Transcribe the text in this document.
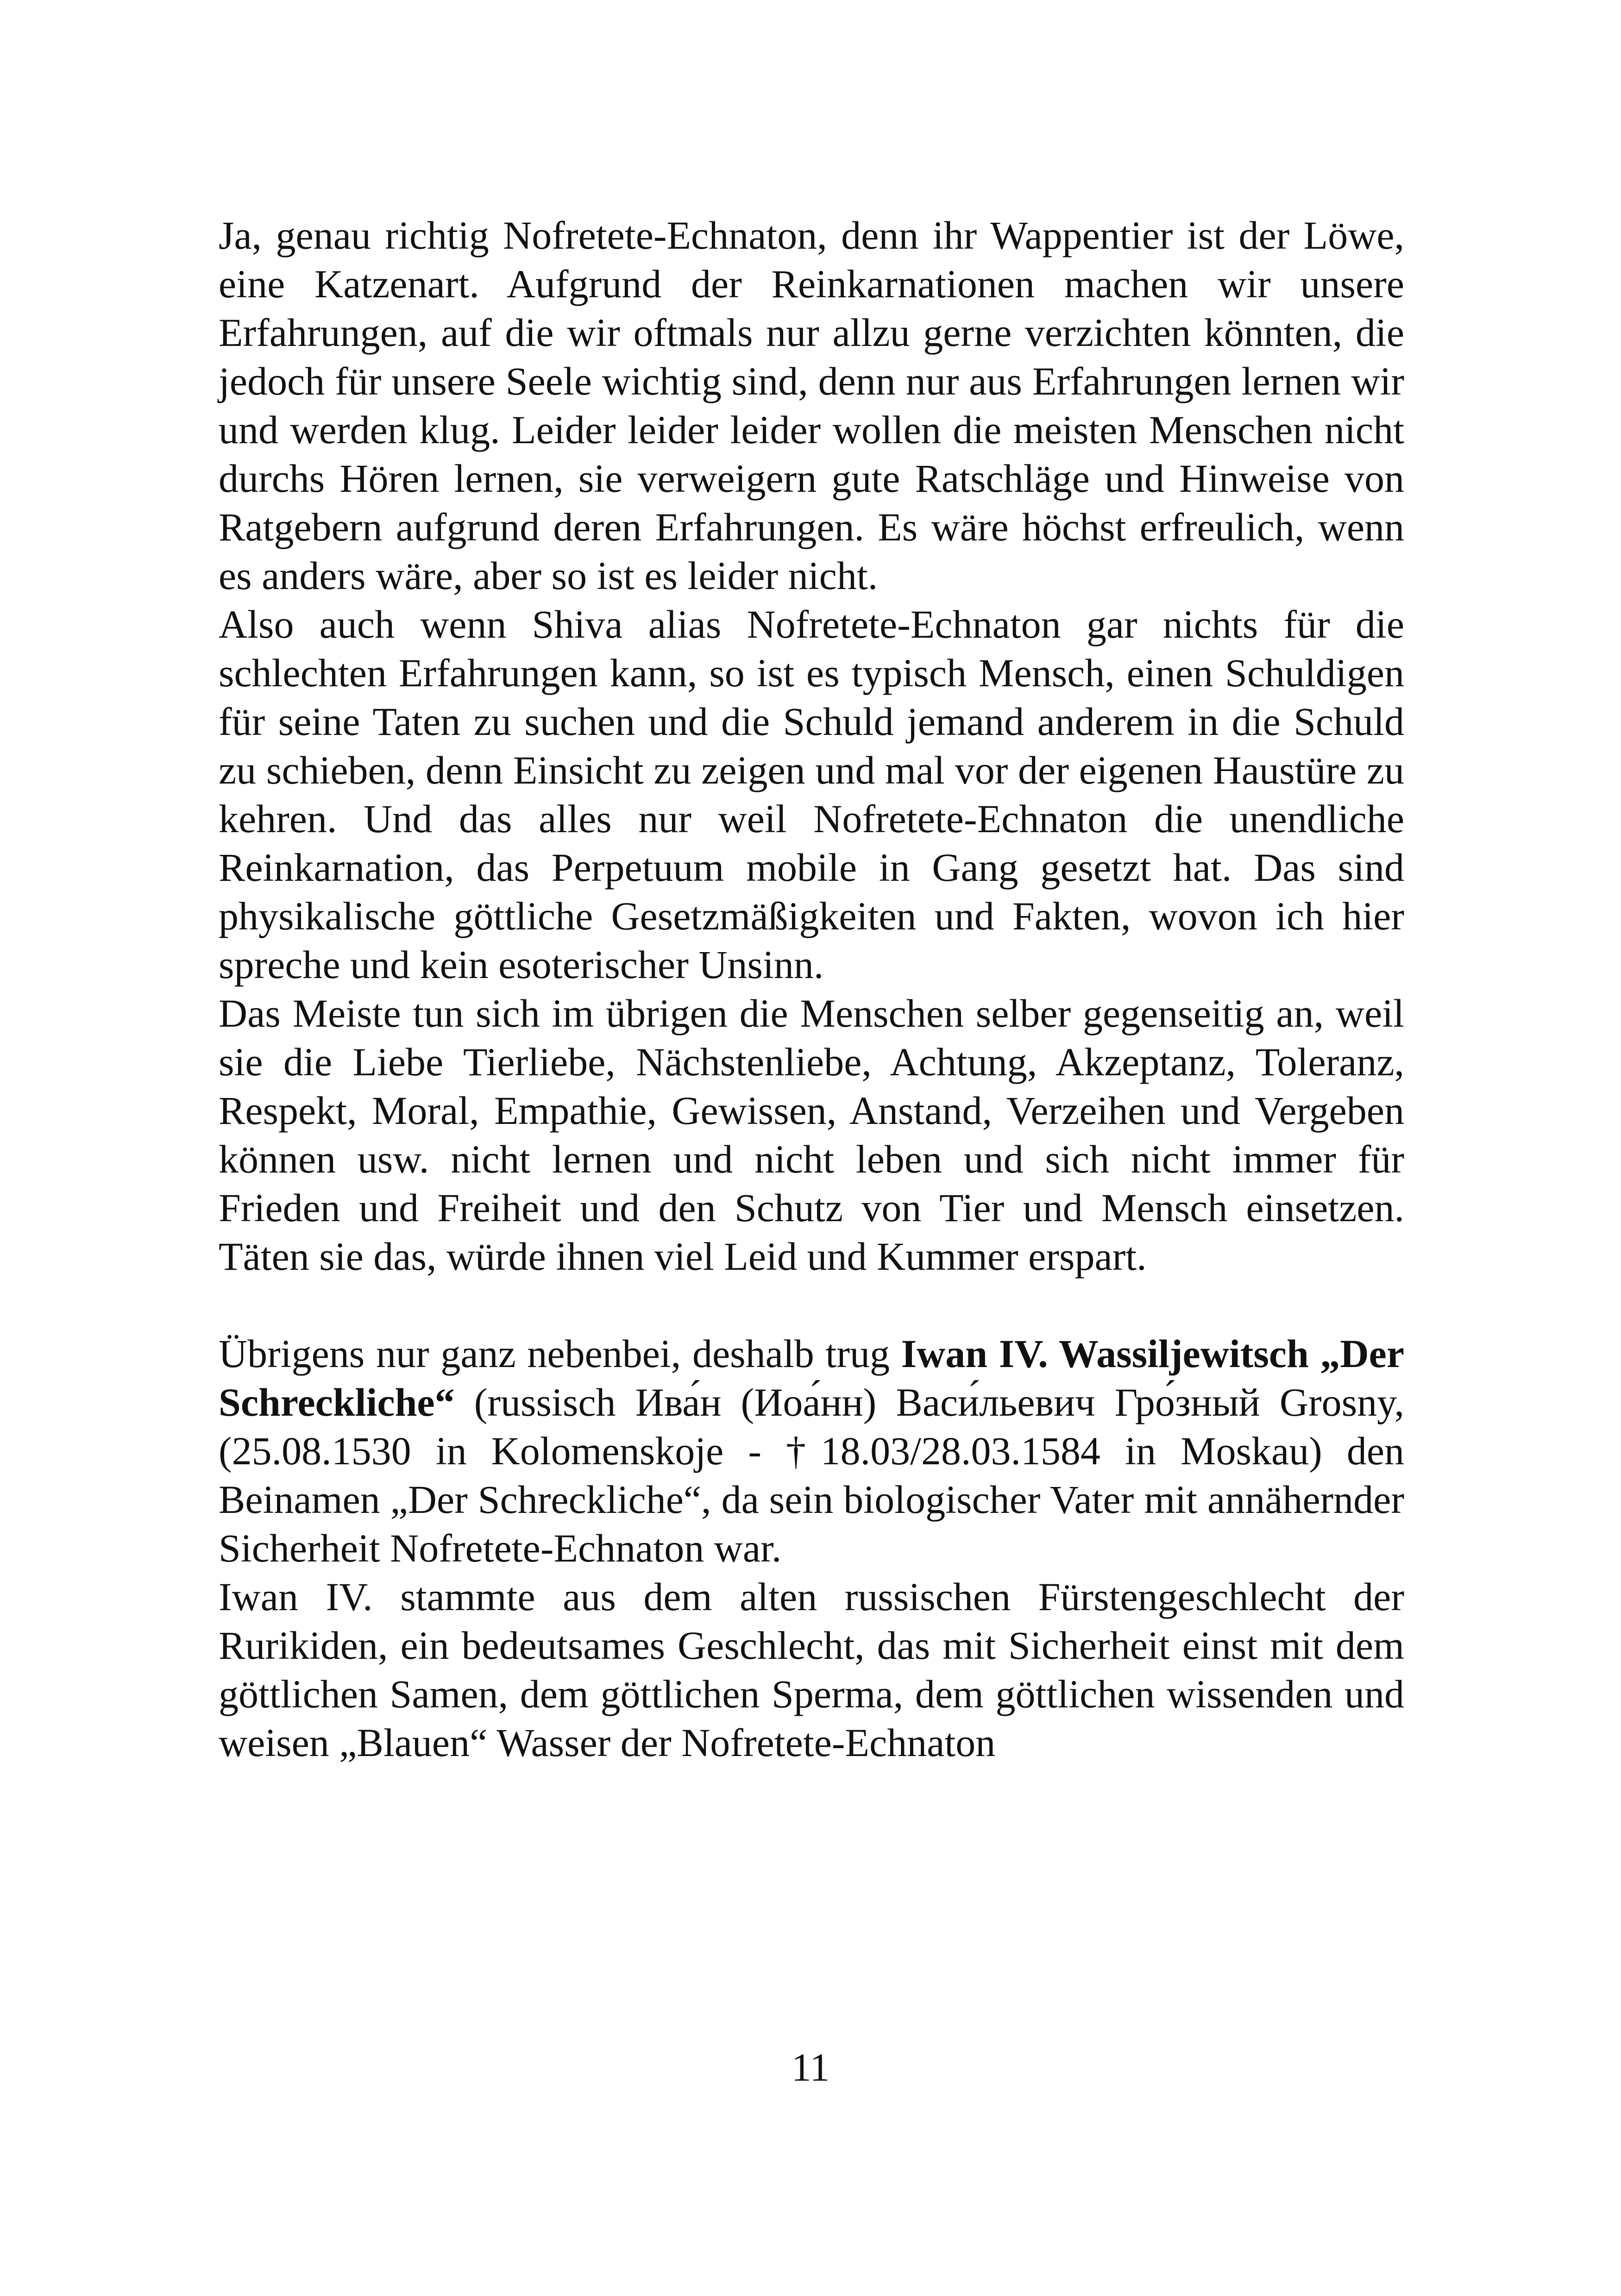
Ja, genau richtig Nofretete-Echnaton, denn ihr Wappentier ist der Löwe, eine Katzenart. Aufgrund der Reinkarnationen machen wir unsere Erfahrungen, auf die wir oftmals nur allzu gerne verzichten könnten, die jedoch für unsere Seele wichtig sind, denn nur aus Erfahrungen lernen wir und werden klug. Leider leider leider wollen die meisten Menschen nicht durchs Hören lernen, sie verweigern gute Ratschläge und Hinweise von Ratgebern aufgrund deren Erfahrungen. Es wäre höchst erfreulich, wenn es anders wäre, aber so ist es leider nicht.

Also auch wenn Shiva alias Nofretete-Echnaton gar nichts für die schlechten Erfahrungen kann, so ist es typisch Mensch, einen Schuldigen für seine Taten zu suchen und die Schuld jemand anderem in die Schuld zu schieben, denn Einsicht zu zeigen und mal vor der eigenen Haustüre zu kehren. Und das alles nur weil Nofretete-Echnaton die unendliche Reinkarnation, das Perpetuum mobile in Gang gesetzt hat. Das sind physikalische göttliche Gesetzmäßigkeiten und Fakten, wovon ich hier spreche und kein esoterischer Unsinn.

Das Meiste tun sich im übrigen die Menschen selber gegenseitig an, weil sie die Liebe Tierliebe, Nächstenliebe, Achtung, Akzeptanz, Toleranz, Respekt, Moral, Empathie, Gewissen, Anstand, Verzeihen und Vergeben können usw. nicht lernen und nicht leben und sich nicht immer für Frieden und Freiheit und den Schutz von Tier und Mensch einsetzen. Täten sie das, würde ihnen viel Leid und Kummer erspart.

Übrigens nur ganz nebenbei, deshalb trug Iwan IV. Wassiljewitsch „Der Schreckliche“ (russisch Ива́н (Иоа́нн) Васи́льевич Гро́зный Grosny, (25.08.1530 in Kolomenskoje - †18.03/28.03.1584 in Moskau) den Beinamen „Der Schreckliche“, da sein biologischer Vater mit annähernder Sicherheit Nofretete-Echnaton war.

Iwan IV. stammte aus dem alten russischen Fürstengeschlecht der Rurikiden, ein bedeutsames Geschlecht, das mit Sicherheit einst mit dem göttlichen Samen, dem göttlichen Sperma, dem göttlichen wissenden und weisen „Blauen“ Wasser der Nofretete-Echnaton

11
